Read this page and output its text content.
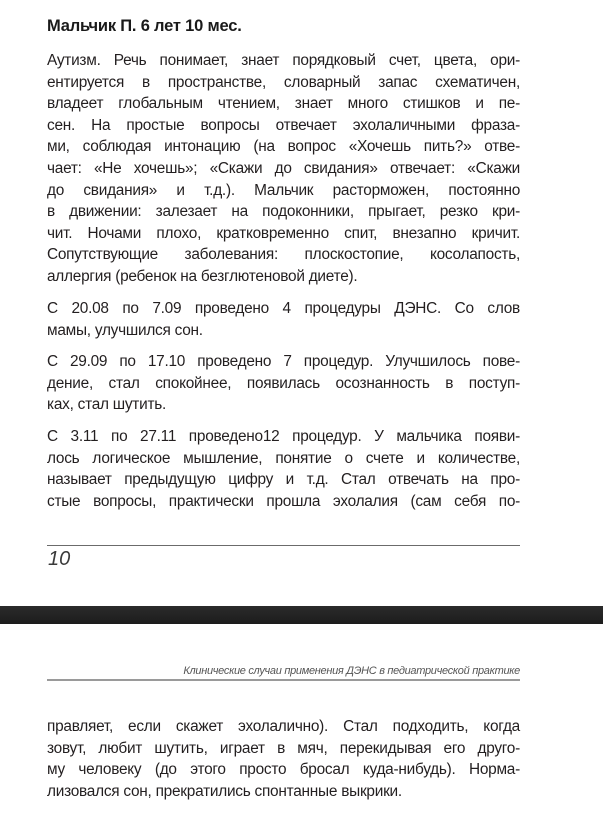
Мальчик П. 6 лет 10 мес.
Аутизм. Речь понимает, знает порядковый счет, цвета, ори-
ентируется в пространстве, словарный запас схематичен,
владеет глобальным чтением, знает много стишков и пе-
сен. На простые вопросы отвечает эхолаличными фраза-
ми, соблюдая интонацию (на вопрос «Хочешь пить?» отве-
чает: «Не хочешь»; «Скажи до свидания» отвечает: «Скажи
до свидания» и т.д.). Мальчик расторможен, постоянно
в движении: залезает на подоконники, прыгает, резко кри-
чит. Ночами плохо, кратковременно спит, внезапно кричит.
Сопутствующие заболевания: плоскостопие, косолапость,
аллергия (ребенок на безглютеновой диете).
С 20.08 по 7.09 проведено 4 процедуры ДЭНС. Со слов
мамы, улучшился сон.
С 29.09 по 17.10 проведено 7 процедур. Улучшилось пове-
дение, стал спокойнее, появилась осознанность в поступ-
ках, стал шутить.
С 3.11 по 27.11 проведено12 процедур. У мальчика появи-
лось логическое мышление, понятие о счете и количестве,
называет предыдущую цифру и т.д. Стал отвечать на про-
стые вопросы, практически прошла эхолалия (сам себя по-
10
Клинические случаи применения ДЭНС в педиатрической практике
правляет, если скажет эхолалично). Стал подходить, когда
зовут, любит шутить, играет в мяч, перекидывая его друго-
му человеку (до этого просто бросал куда-нибудь). Норма-
лизовался сон, прекратились спонтанные выкрики.
